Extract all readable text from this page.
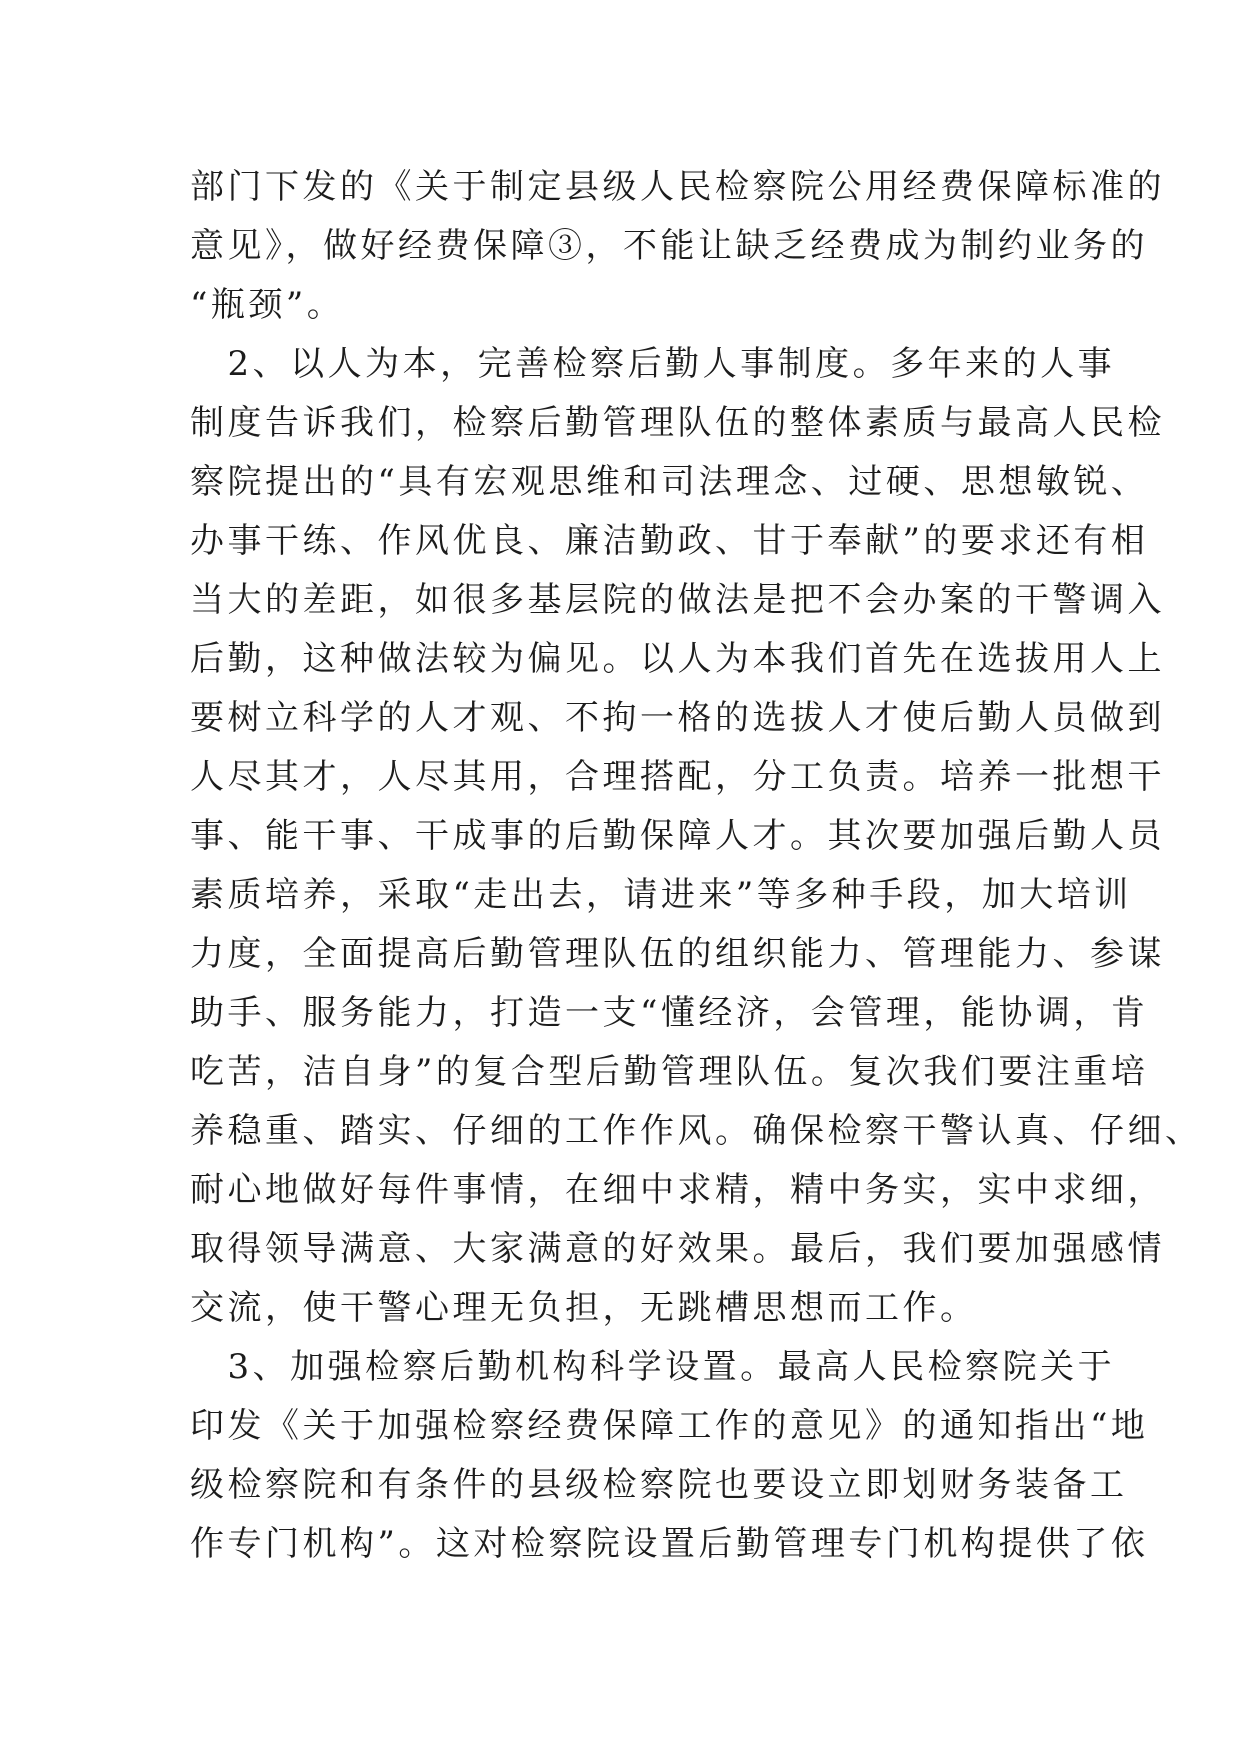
部门下发的《关于制定县级人民检察院公用经费保障标准的
意见》，做好经费保障③，不能让缺乏经费成为制约业务的
“瓶颈”。
　2、以人为本，完善检察后勤人事制度。多年来的人事
制度告诉我们，检察后勤管理队伍的整体素质与最高人民检
察院提出的“具有宏观思维和司法理念、过硬、思想敏锐、
办事干练、作风优良、廉洁勤政、甘于奉献”的要求还有相
当大的差距，如很多基层院的做法是把不会办案的干警调入
后勤，这种做法较为偏见。以人为本我们首先在选拔用人上
要树立科学的人才观、不拘一格的选拔人才使后勤人员做到
人尽其才，人尽其用，合理搭配，分工负责。培养一批想干
事、能干事、干成事的后勤保障人才。其次要加强后勤人员
素质培养，采取“走出去，请进来”等多种手段，加大培训
力度，全面提高后勤管理队伍的组织能力、管理能力、参谋
助手、服务能力，打造一支“懂经济，会管理，能协调，肯
吃苦，洁自身”的复合型后勤管理队伍。复次我们要注重培
养稳重、踏实、仔细的工作作风。确保检察干警认真、仔细、
耐心地做好每件事情，在细中求精，精中务实，实中求细，
取得领导满意、大家满意的好效果。最后，我们要加强感情
交流，使干警心理无负担，无跳槽思想而工作。
　3、加强检察后勤机构科学设置。最高人民检察院关于
印发《关于加强检察经费保障工作的意见》的通知指出“地
级检察院和有条件的县级检察院也要设立即划财务装备工
作专门机构”。这对检察院设置后勤管理专门机构提供了依
